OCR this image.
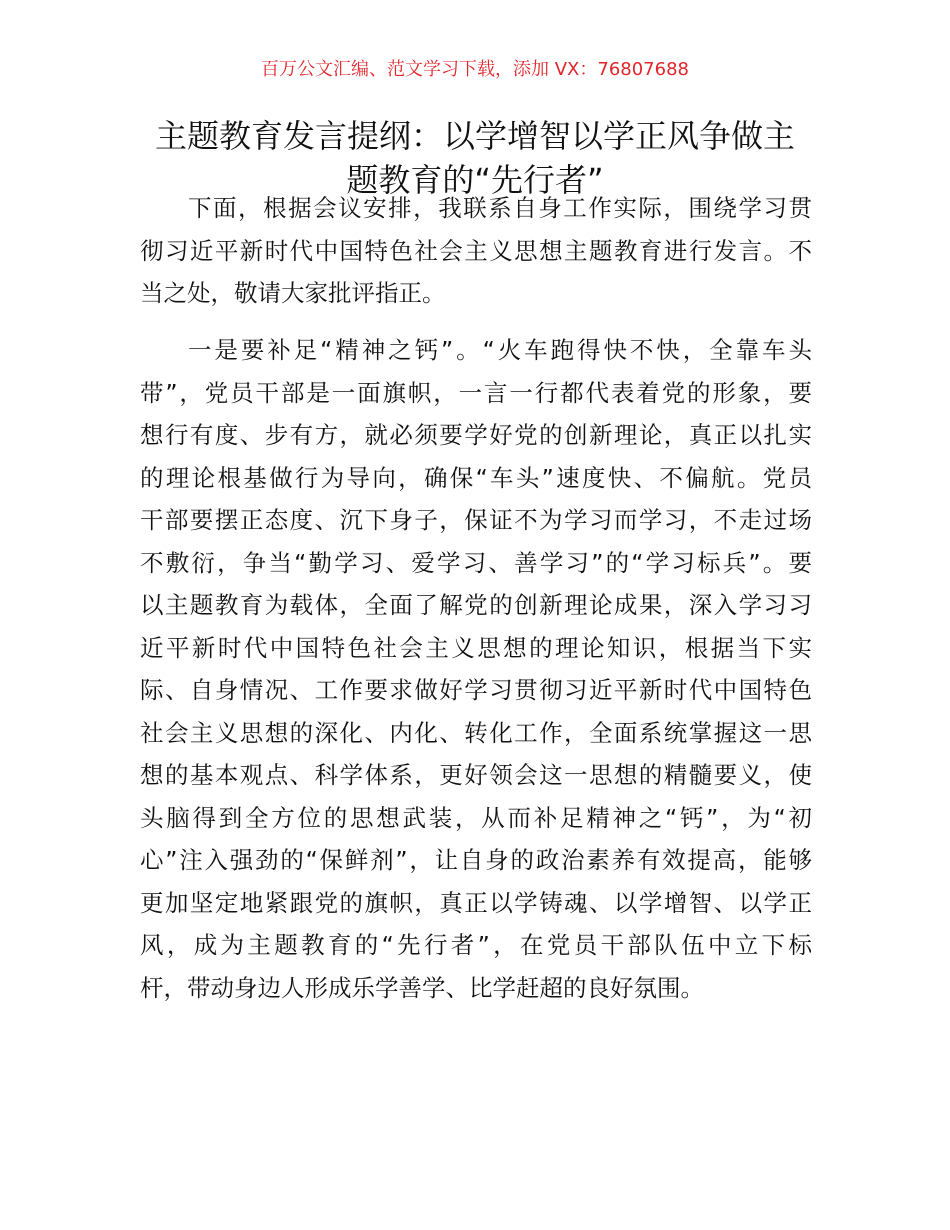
百万公文汇编、范文学习下载，添加 VX：76807688
主题教育发言提纲：以学增智以学正风争做主
题教育的“先行者”
下面，根据会议安排，我联系自身工作实际，围绕学习贯
彻习近平新时代中国特色社会主义思想主题教育进行发言。不
当之处，敬请大家批评指正。
一是要补足“精神之钙”。“火车跑得快不快，全靠车头
带”，党员干部是一面旗帜，一言一行都代表着党的形象，要
想行有度、步有方，就必须要学好党的创新理论，真正以扎实
的理论根基做行为导向，确保“车头”速度快、不偏航。党员
干部要摆正态度、沉下身子，保证不为学习而学习，不走过场
不敷衍，争当“勤学习、爱学习、善学习”的“学习标兵”。要
以主题教育为载体，全面了解党的创新理论成果，深入学习习
近平新时代中国特色社会主义思想的理论知识，根据当下实
际、自身情况、工作要求做好学习贯彻习近平新时代中国特色
社会主义思想的深化、内化、转化工作，全面系统掌握这一思
想的基本观点、科学体系，更好领会这一思想的精髓要义，使
头脑得到全方位的思想武装，从而补足精神之“钙”，为“初
心”注入强劲的“保鲜剂”，让自身的政治素养有效提高，能够
更加坚定地紧跟党的旗帜，真正以学铸魂、以学增智、以学正
风，成为主题教育的“先行者”，在党员干部队伍中立下标
杆，带动身边人形成乐学善学、比学赶超的良好氛围。
